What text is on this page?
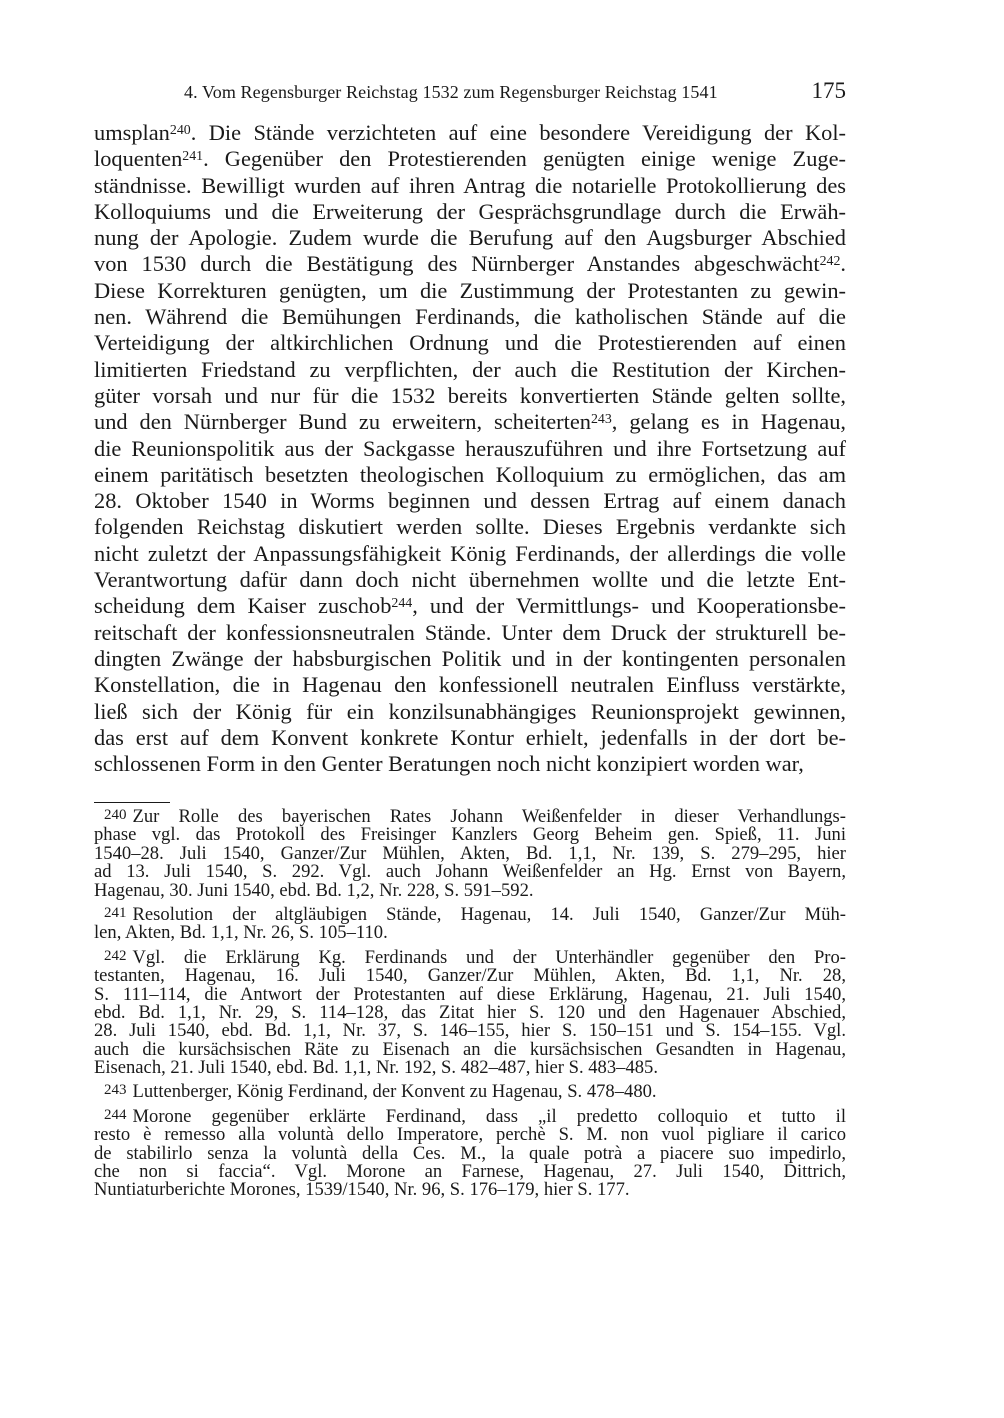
4. Vom Regensburger Reichstag 1532 zum Regensburger Reichstag 1541	175
umsplan$^{240}$. Die Stände verzichteten auf eine besondere Vereidigung der Kol-
loquenten$^{241}$. Gegenüber den Protestierenden genügten einige wenige Zuge-
ständnisse. Bewilligt wurden auf ihren Antrag die notarielle Protokollierung des
Kolloquiums und die Erweiterung der Gesprächsgrundlage durch die Erwäh-
nung der Apologie. Zudem wurde die Berufung auf den Augsburger Abschied
von 1530 durch die Bestätigung des Nürnberger Anstandes abgeschwächt$^{242}$.
Diese Korrekturen genügten, um die Zustimmung der Protestanten zu gewin-
nen. Während die Bemühungen Ferdinands, die katholischen Stände auf die
Verteidigung der altkirchlichen Ordnung und die Protestierenden auf einen
limitierten Friedstand zu verpflichten, der auch die Restitution der Kirchen-
güter vorsah und nur für die 1532 bereits konvertierten Stände gelten sollte,
und den Nürnberger Bund zu erweitern, scheiterten$^{243}$, gelang es in Hagenau,
die Reunionspolitik aus der Sackgasse herauszuführen und ihre Fortsetzung auf
einem paritätisch besetzten theologischen Kolloquium zu ermöglichen, das am
28. Oktober 1540 in Worms beginnen und dessen Ertrag auf einem danach
folgenden Reichstag diskutiert werden sollte. Dieses Ergebnis verdankte sich
nicht zuletzt der Anpassungsfähigkeit König Ferdinands, der allerdings die volle
Verantwortung dafür dann doch nicht übernehmen wollte und die letzte Ent-
scheidung dem Kaiser zuschob$^{244}$, und der Vermittlungs- und Kooperationsbe-
reitschaft der konfessionsneutralen Stände. Unter dem Druck der strukturell be-
dingten Zwänge der habsburgischen Politik und in der kontingenten personalen
Konstellation, die in Hagenau den konfessionell neutralen Einfluss verstärkte,
ließ sich der König für ein konzilsunabhängiges Reunionsprojekt gewinnen,
das erst auf dem Konvent konkrete Kontur erhielt, jedenfalls in der dort be-
schlossenen Form in den Genter Beratungen noch nicht konzipiert worden war,
240 Zur Rolle des bayerischen Rates Johann Weißenfelder in dieser Verhandlungs-
phase vgl. das Protokoll des Freisinger Kanzlers Georg Beheim gen. Spieß, 11. Juni
1540–28. Juli 1540, Ganzer/Zur Mühlen, Akten, Bd. 1,1, Nr. 139, S. 279–295, hier
ad 13. Juli 1540, S. 292. Vgl. auch Johann Weißenfelder an Hg. Ernst von Bayern,
Hagenau, 30. Juni 1540, ebd. Bd. 1,2, Nr. 228, S. 591–592.
241 Resolution der altgläubigen Stände, Hagenau, 14. Juli 1540, Ganzer/Zur Müh-
len, Akten, Bd. 1,1, Nr. 26, S. 105–110.
242 Vgl. die Erklärung Kg. Ferdinands und der Unterhändler gegenüber den Pro-
testanten, Hagenau, 16. Juli 1540, Ganzer/Zur Mühlen, Akten, Bd. 1,1, Nr. 28,
S. 111–114, die Antwort der Protestanten auf diese Erklärung, Hagenau, 21. Juli 1540,
ebd. Bd. 1,1, Nr. 29, S. 114–128, das Zitat hier S. 120 und den Hagenauer Abschied,
28. Juli 1540, ebd. Bd. 1,1, Nr. 37, S. 146–155, hier S. 150–151 und S. 154–155. Vgl.
auch die kursächsischen Räte zu Eisenach an die kursächsischen Gesandten in Hagenau,
Eisenach, 21. Juli 1540, ebd. Bd. 1,1, Nr. 192, S. 482–487, hier S. 483–485.
243 Luttenberger, König Ferdinand, der Konvent zu Hagenau, S. 478–480.
244 Morone gegenüber erklärte Ferdinand, dass „il predetto colloquio et tutto il
resto è remesso alla voluntà dello Imperatore, perchè S. M. non vuol pigliare il carico
de stabilirlo senza la voluntà della Ces. M., la quale potrà a piacere suo impedirlo,
che non si faccia“. Vgl. Morone an Farnese, Hagenau, 27. Juli 1540, Dittrich,
Nuntiaturberichte Morones, 1539/1540, Nr. 96, S. 176–179, hier S. 177.
